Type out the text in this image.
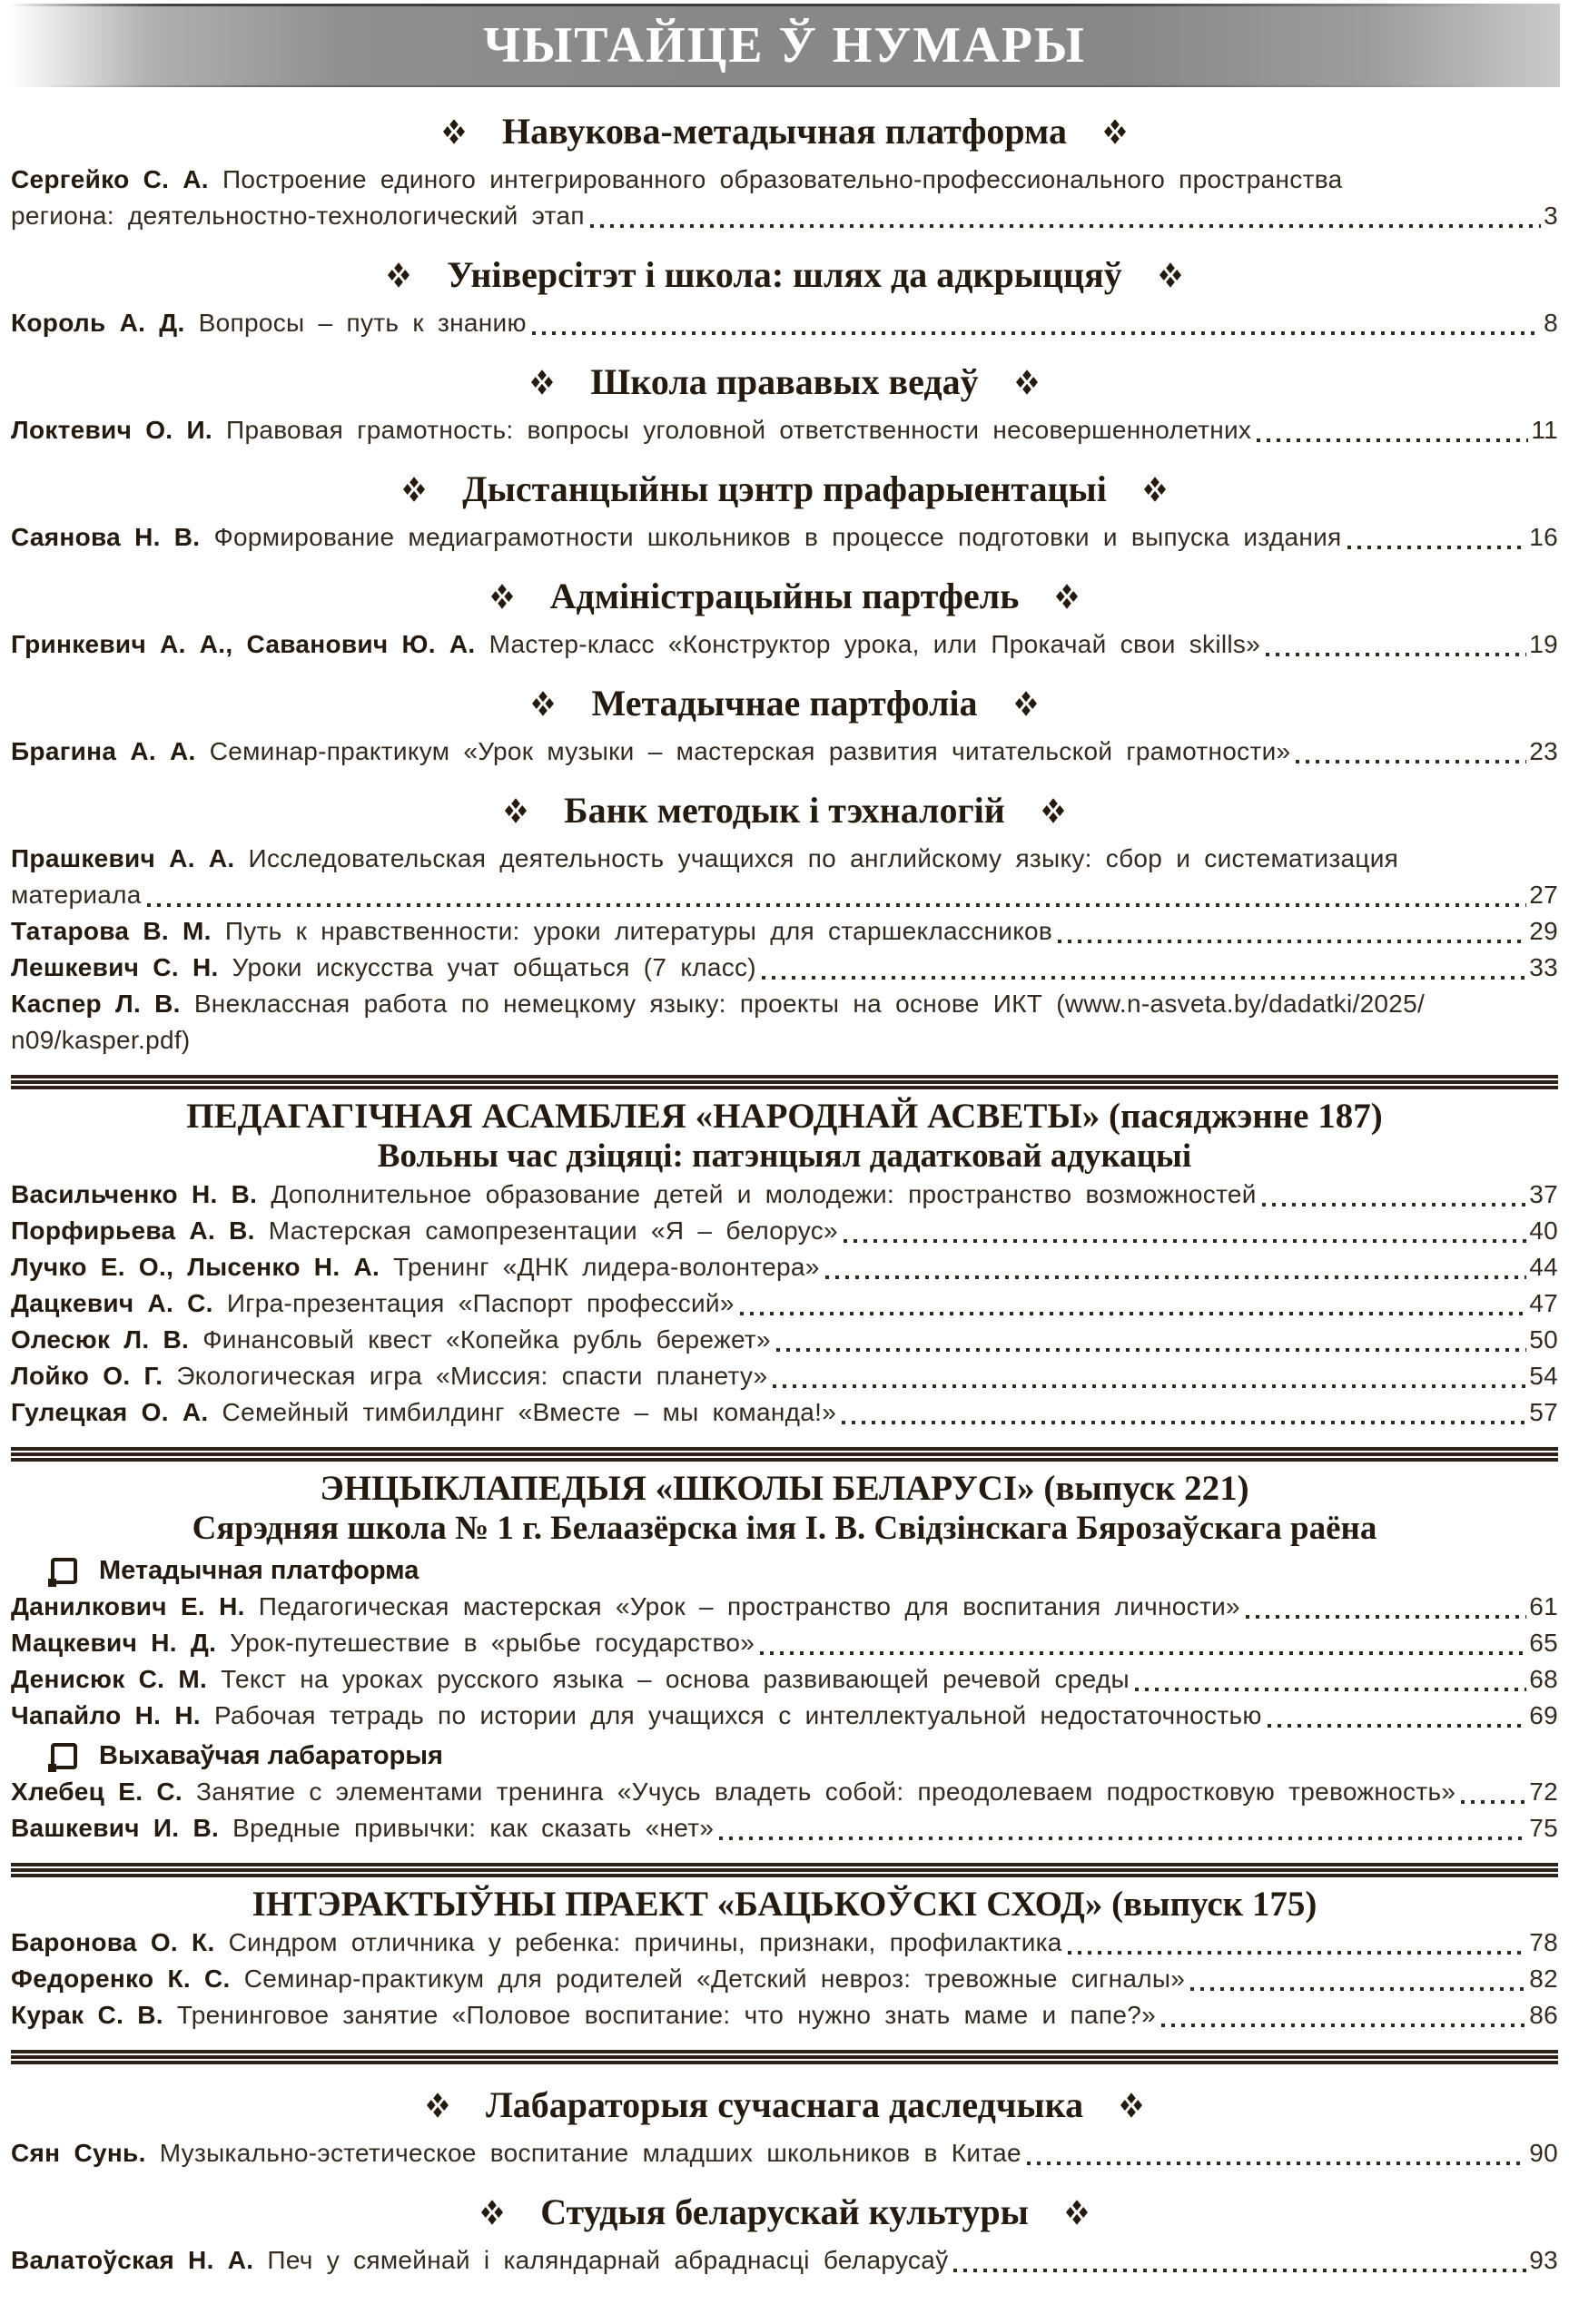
ЧЫТАЙЦЕ Ў НУМАРЫ
Навукова-метадычная платформа
Сергейко С. А. Построение единого интегрированного образовательно-профессионального пространства
региона: деятельностно-технологический этап	3
Універсітэт і школа: шлях да адкрыццяў
Король А. Д. Вопросы – путь к знанию	8
Школа прававых ведаў
Локтевич О. И. Правовая грамотность: вопросы уголовной ответственности несовершеннолетних	11
Дыстанцыйны цэнтр прафарыентацыі
Саянова Н. В. Формирование медиаграмотности школьников в процессе подготовки и выпуска издания	16
Адміністрацыйны партфель
Гринкевич А. А., Саванович Ю. А. Мастер-класс «Конструктор урока, или Прокачай свои skills»	19
Метадычнае партфоліа
Брагина А. А. Семинар-практикум «Урок музыки – мастерская развития читательской грамотности»	23
Банк методык і тэхналогій
Прашкевич А. А. Исследовательская деятельность учащихся по английскому языку: сбор и систематизация
материала	27
Татарова В. М. Путь к нравственности: уроки литературы для старшеклассников	29
Лешкевич С. Н. Уроки искусства учат общаться (7 класс)	33
Каспер Л. В. Внеклассная работа по немецкому языку: проекты на основе ИКТ (www.n-asveta.by/dadatki/2025/
n09/kasper.pdf)
ПЕДАГАГІЧНАЯ АСАМБЛЕЯ «НАРОДНАЙ АСВЕТЫ» (пасяджэнне 187)
Вольны час дзіцяці: патэнцыял дадатковай адукацыі
Васильченко Н. В. Дополнительное образование детей и молодежи: пространство возможностей	37
Порфирьева А. В. Мастерская самопрезентации «Я – белорус»	40
Лучко Е. О., Лысенко Н. А. Тренинг «ДНК лидера-волонтера»	44
Дацкевич А. С. Игра-презентация «Паспорт профессий»	47
Олесюк Л. В. Финансовый квест «Копейка рубль бережет»	50
Лойко О. Г. Экологическая игра «Миссия: спасти планету»	54
Гулецкая О. А. Семейный тимбилдинг «Вместе – мы команда!»	57
ЭНЦЫКЛАПЕДЫЯ «ШКОЛЫ БЕЛАРУСІ» (выпуск 221)
Сярэдняя школа № 1 г. Белаазёрска імя І. В. Свідзінскага Бярозаўскага раёна
Метадычная платформа
Данилкович Е. Н. Педагогическая мастерская «Урок – пространство для воспитания личности»	61
Мацкевич Н. Д. Урок-путешествие в «рыбье государство»	65
Денисюк С. М. Текст на уроках русского языка – основа развивающей речевой среды	68
Чапайло Н. Н. Рабочая тетрадь по истории для учащихся с интеллектуальной недостаточностью	69
Выхаваўчая лабараторыя
Хлебец Е. С. Занятие с элементами тренинга «Учусь владеть собой: преодолеваем подростковую тревожность»	72
Вашкевич И. В. Вредные привычки: как сказать «нет»	75
ІНТЭРАКТЫЎНЫ ПРАЕКТ «БАЦЬКОЎСКІ СХОД» (выпуск 175)
Баронова О. К. Синдром отличника у ребенка: причины, признаки, профилактика	78
Федоренко К. С. Семинар-практикум для родителей «Детский невроз: тревожные сигналы»	82
Курак С. В. Тренинговое занятие «Половое воспитание: что нужно знать маме и папе?»	86
Лабараторыя сучаснага даследчыка
Сян Сунь. Музыкально-эстетическое воспитание младших школьников в Китае	90
Студыя беларускай культуры
Валатоўская Н. А. Печ у сямейнай і каляндарнай абраднасці беларусаў	93
